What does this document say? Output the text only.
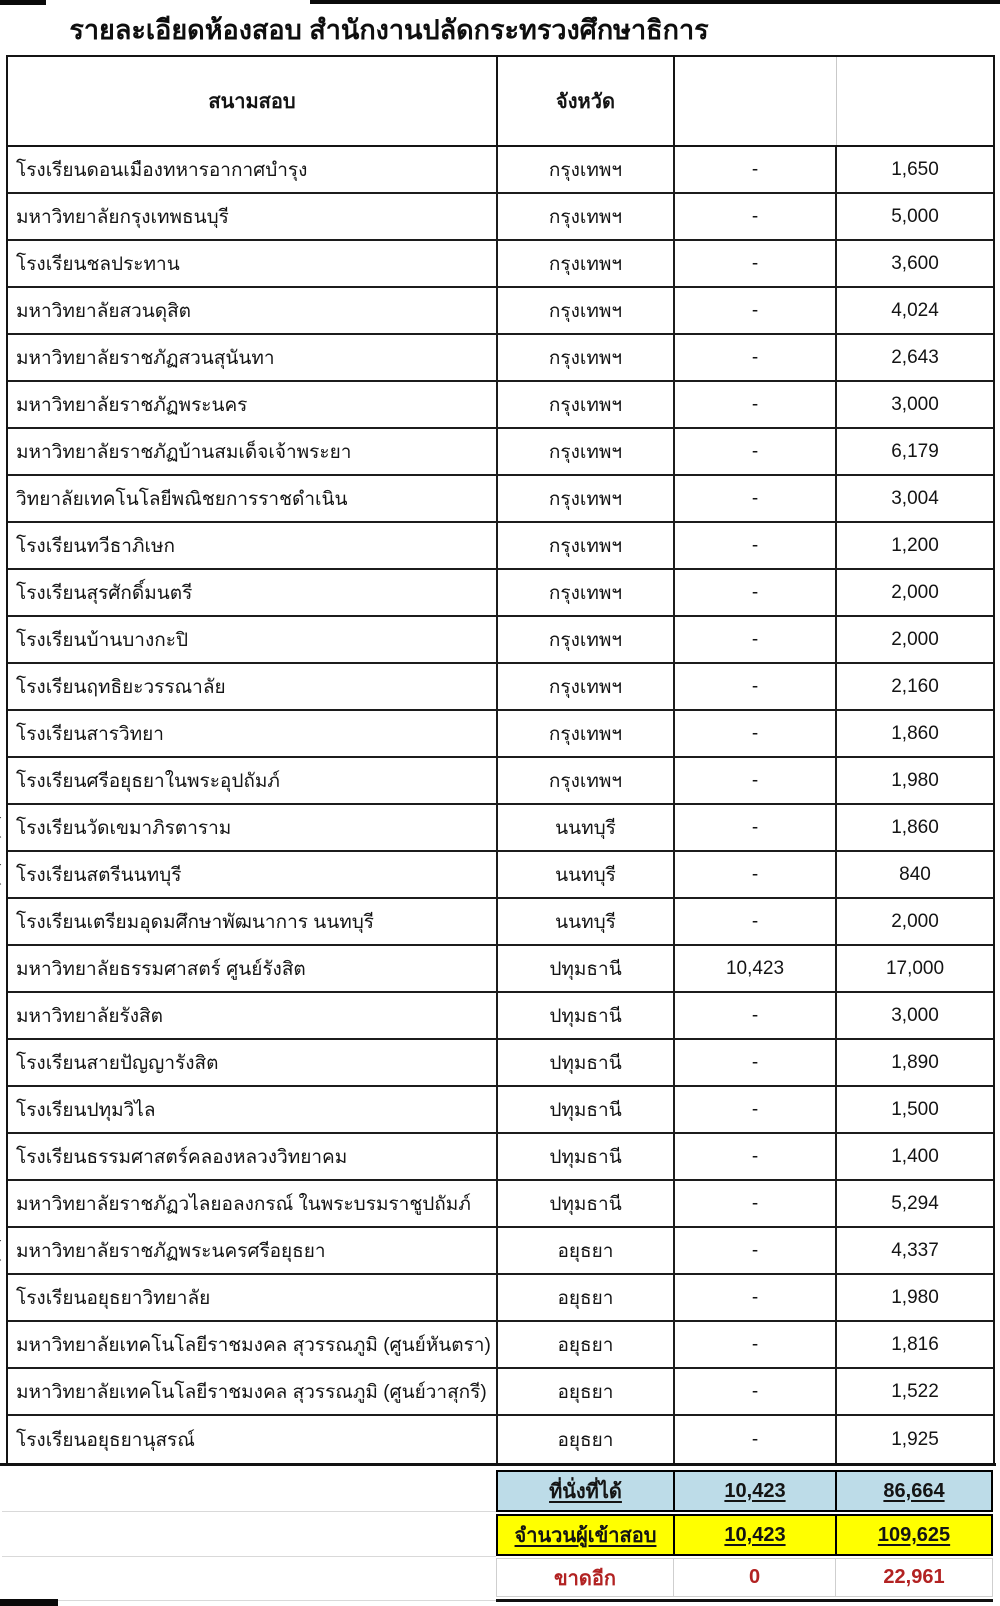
รายละเอียดห้องสอบ สำนักงานปลัดกระทรวงศึกษาธิการ
สนามสอบ	จังหวัด
โรงเรียนดอนเมืองทหารอากาศบำรุง	กรุงเทพฯ	-	1,650
มหาวิทยาลัยกรุงเทพธนบุรี	กรุงเทพฯ	-	5,000
โรงเรียนชลประทาน	กรุงเทพฯ	-	3,600
มหาวิทยาลัยสวนดุสิต	กรุงเทพฯ	-	4,024
มหาวิทยาลัยราชภัฏสวนสุนันทา	กรุงเทพฯ	-	2,643
มหาวิทยาลัยราชภัฏพระนคร	กรุงเทพฯ	-	3,000
มหาวิทยาลัยราชภัฏบ้านสมเด็จเจ้าพระยา	กรุงเทพฯ	-	6,179
วิทยาลัยเทคโนโลยีพณิชยการราชดำเนิน	กรุงเทพฯ	-	3,004
โรงเรียนทวีธาภิเษก	กรุงเทพฯ	-	1,200
โรงเรียนสุรศักดิ์มนตรี	กรุงเทพฯ	-	2,000
โรงเรียนบ้านบางกะปิ	กรุงเทพฯ	-	2,000
โรงเรียนฤทธิยะวรรณาลัย	กรุงเทพฯ	-	2,160
โรงเรียนสารวิทยา	กรุงเทพฯ	-	1,860
โรงเรียนศรีอยุธยาในพระอุปถัมภ์	กรุงเทพฯ	-	1,980
โรงเรียนวัดเขมาภิรตาราม	นนทบุรี	-	1,860
โรงเรียนสตรีนนทบุรี	นนทบุรี	-	840
โรงเรียนเตรียมอุดมศึกษาพัฒนาการ นนทบุรี	นนทบุรี	-	2,000
มหาวิทยาลัยธรรมศาสตร์ ศูนย์รังสิต	ปทุมธานี	10,423	17,000
มหาวิทยาลัยรังสิต	ปทุมธานี	-	3,000
โรงเรียนสายปัญญารังสิต	ปทุมธานี	-	1,890
โรงเรียนปทุมวิไล	ปทุมธานี	-	1,500
โรงเรียนธรรมศาสตร์คลองหลวงวิทยาคม	ปทุมธานี	-	1,400
มหาวิทยาลัยราชภัฏวไลยอลงกรณ์ ในพระบรมราชูปถัมภ์	ปทุมธานี	-	5,294
มหาวิทยาลัยราชภัฏพระนครศรีอยุธยา	อยุธยา	-	4,337
โรงเรียนอยุธยาวิทยาลัย	อยุธยา	-	1,980
มหาวิทยาลัยเทคโนโลยีราชมงคล สุวรรณภูมิ (ศูนย์หันตรา)	อยุธยา	-	1,816
มหาวิทยาลัยเทคโนโลยีราชมงคล สุวรรณภูมิ (ศูนย์วาสุกรี)	อยุธยา	-	1,522
โรงเรียนอยุธยานุสรณ์	อยุธยา	-	1,925
ที่นั่งที่ได้	10,423	86,664
จำนวนผู้เข้าสอบ	10,423	109,625
ขาดอีก	0	22,961
